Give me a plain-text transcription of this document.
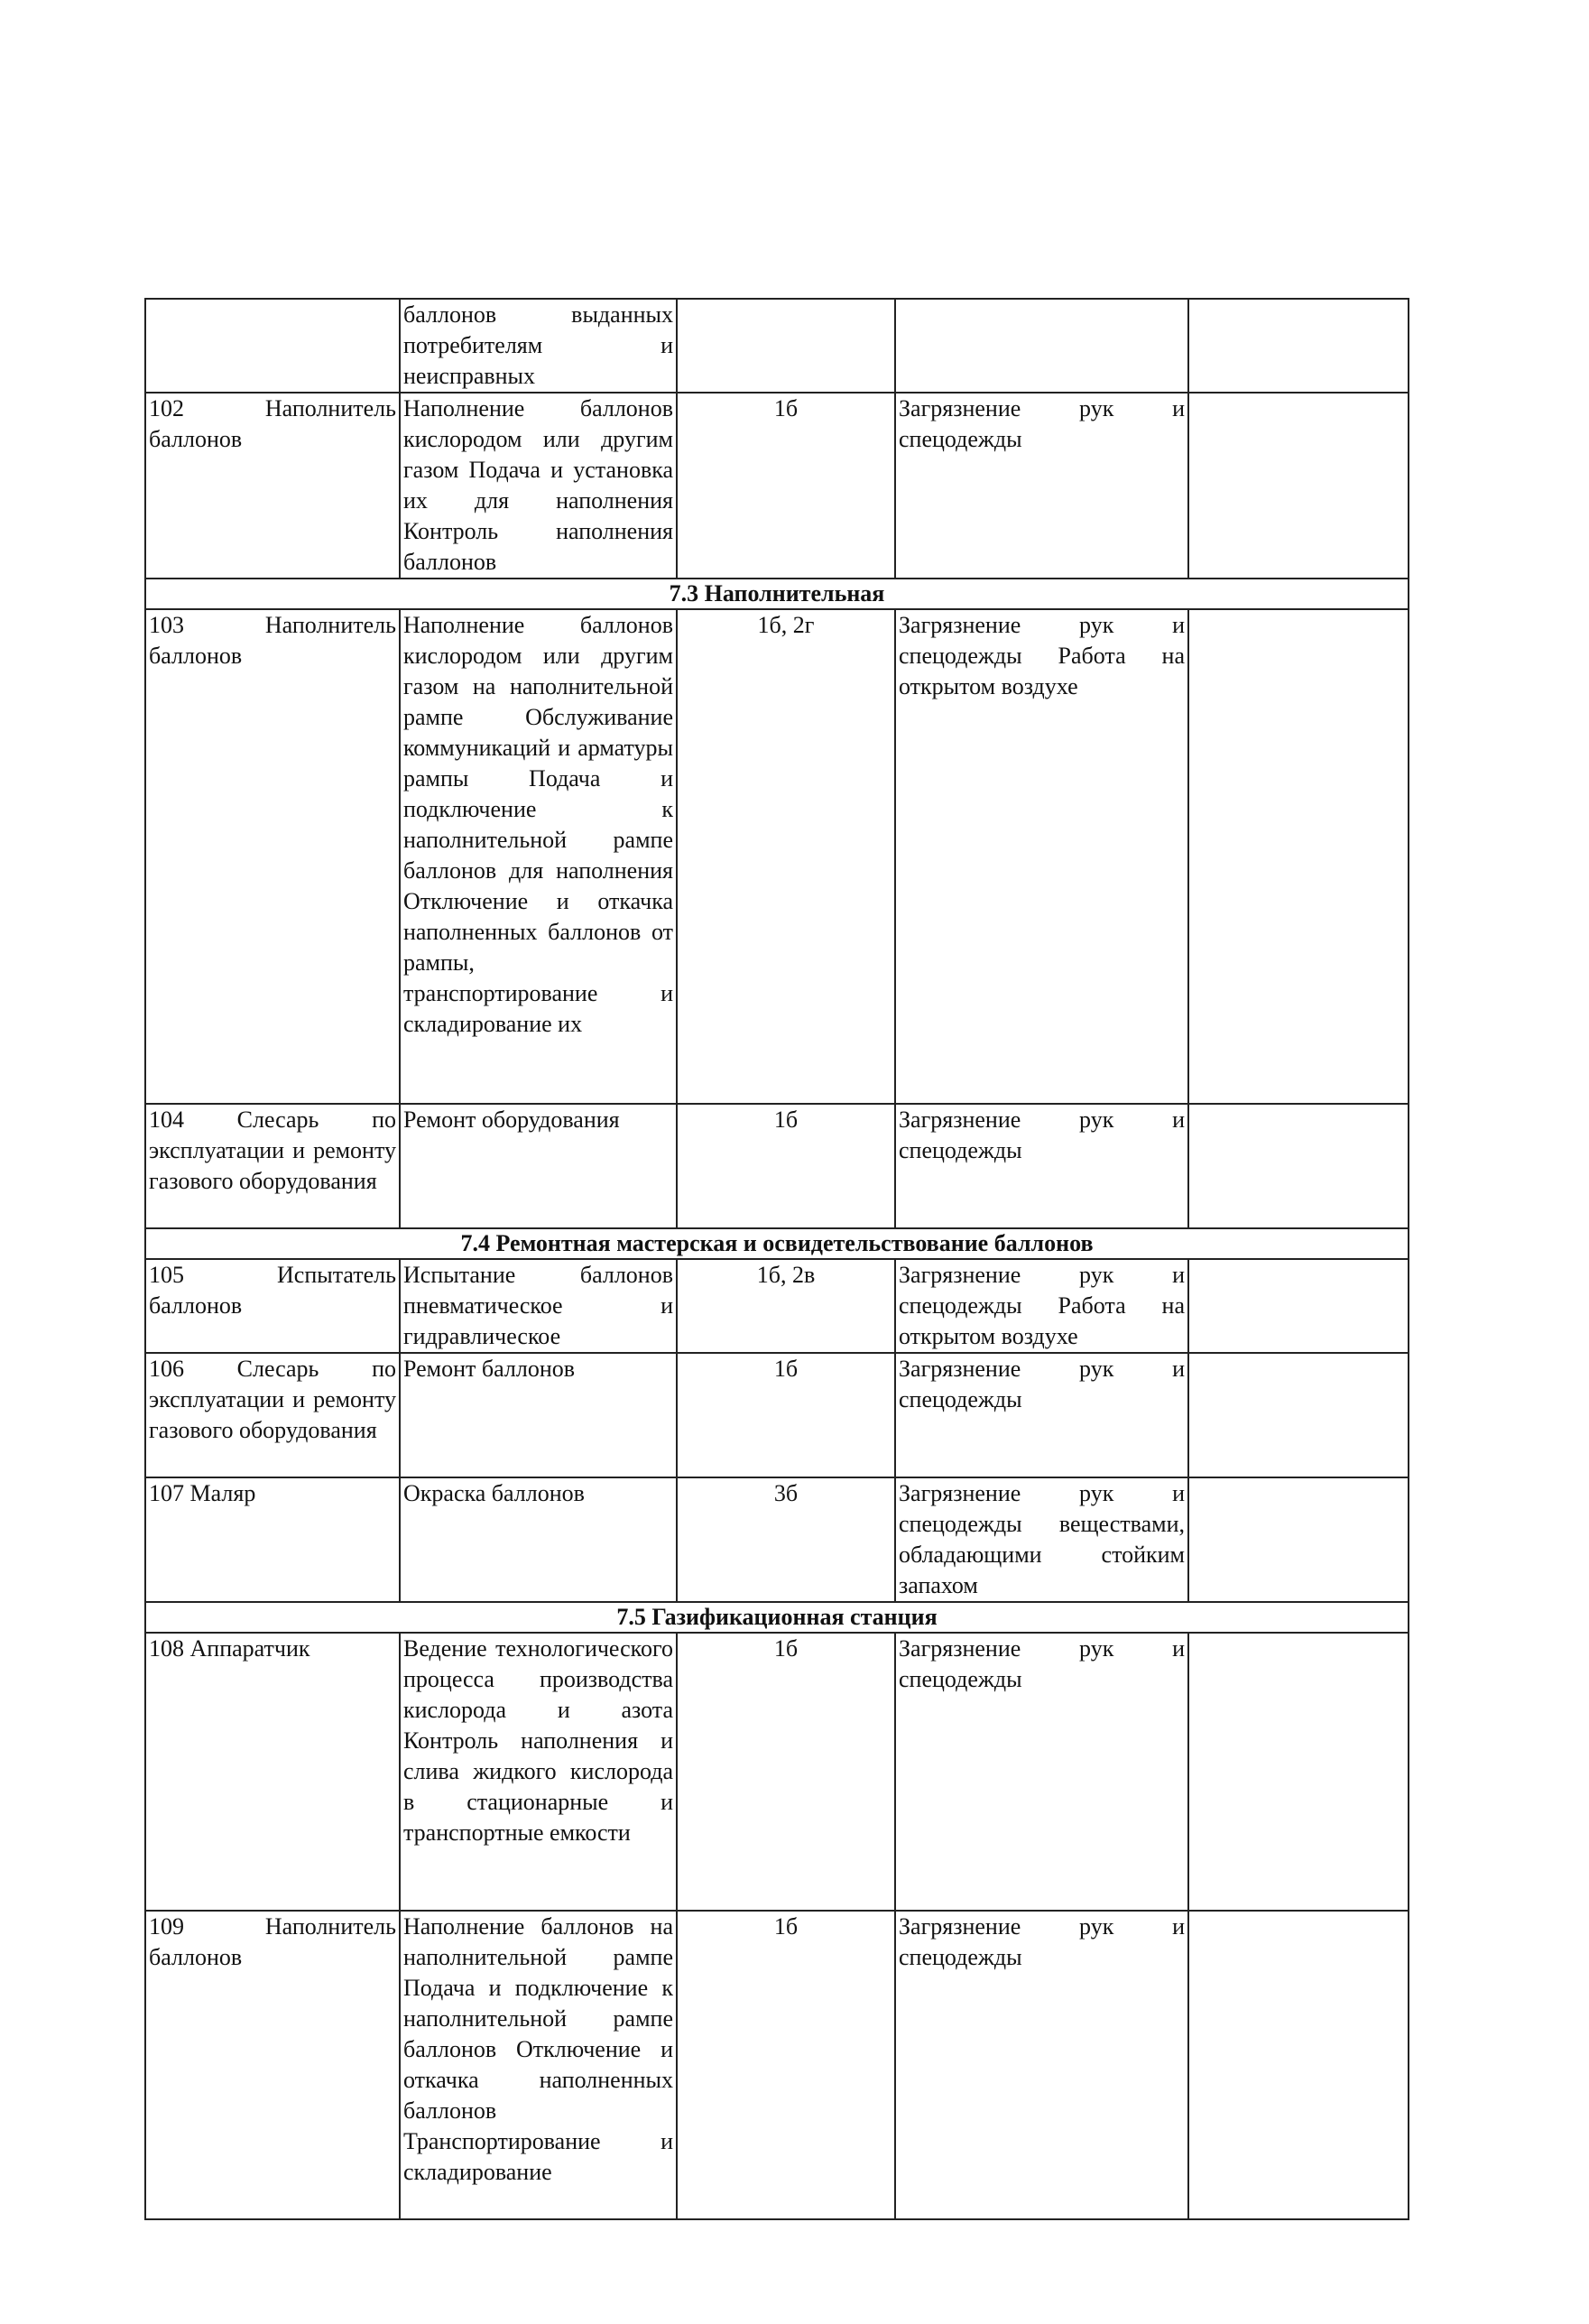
	баллонов выданных потребителям и неисправных			
102 Наполнитель баллонов	Наполнение баллонов кислородом или другим газом Подача и установка их для наполнения Контроль наполнения баллонов	1б	Загрязнение рук и спецодежды	
7.3 Наполнительная				
103 Наполнитель баллонов	Наполнение баллонов кислородом или другим газом на наполнительной рампе Обслуживание коммуникаций и арматуры рампы Подача и подключение к наполнительной рампе баллонов для наполнения Отключение и откачка наполненных баллонов от рампы, транспортирование и складирование их	1б, 2г	Загрязнение рук и спецодежды Работа на открытом воздухе	
104 Слесарь по эксплуатации и ремонту газового оборудования	Ремонт оборудования	1б	Загрязнение рук и спецодежды	
7.4 Ремонтная мастерская и освидетельствование баллонов				
105 Испытатель баллонов	Испытание баллонов пневматическое и гидравлическое	1б, 2в	Загрязнение рук и спецодежды Работа на открытом воздухе	
106 Слесарь по эксплуатации и ремонту газового оборудования	Ремонт баллонов	1б	Загрязнение рук и спецодежды	
107 Маляр	Окраска баллонов	3б	Загрязнение рук и спецодежды веществами, обладающими стойким запахом	
7.5 Газификационная станция				
108 Аппаратчик	Ведение технологического процесса производства кислорода и азота Контроль наполнения и слива жидкого кислорода в стационарные и транспортные емкости	1б	Загрязнение рук и спецодежды	
109 Наполнитель баллонов	Наполнение баллонов на наполнительной рампе Подача и подключение к наполнительной рампе баллонов Отключение и откачка наполненных баллонов Транспортирование и складирование	1б	Загрязнение рук и спецодежды	
